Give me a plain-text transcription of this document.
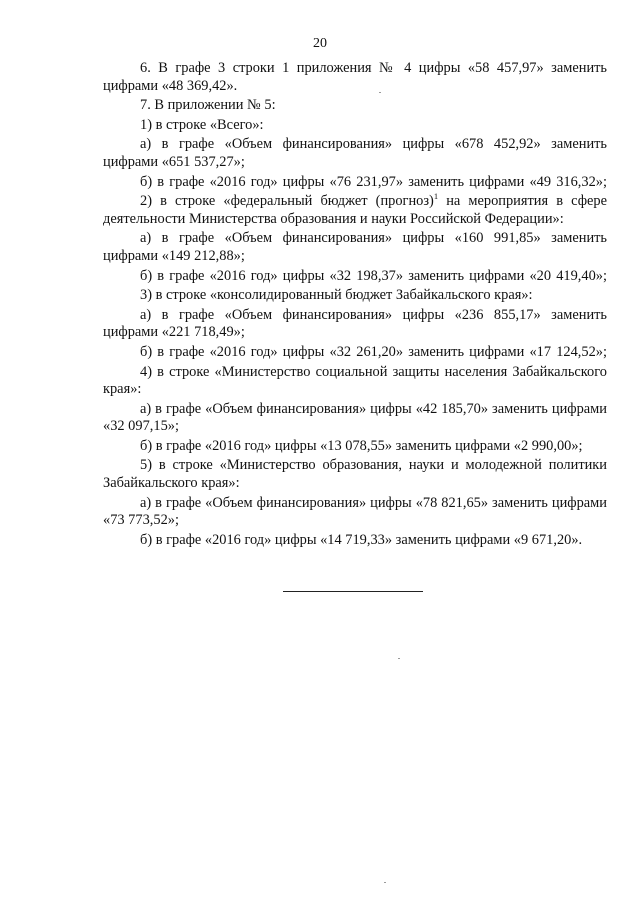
20

6. В графе 3 строки 1 приложения № 4 цифры «58 457,97» заменить цифрами «48 369,42».

7. В приложении № 5:

1) в строке «Всего»:

а) в графе «Объем финансирования» цифры «678 452,92» заменить цифрами «651 537,27»;

б) в графе «2016 год» цифры «76 231,97» заменить цифрами «49 316,32»;

2) в строке «федеральный бюджет (прогноз)$^1$ на мероприятия в сфере деятельности Министерства образования и науки Российской Федерации»:

а) в графе «Объем финансирования» цифры «160 991,85» заменить цифрами «149 212,88»;

б) в графе «2016 год» цифры «32 198,37» заменить цифрами «20 419,40»;

3) в строке «консолидированный бюджет Забайкальского края»:

а) в графе «Объем финансирования» цифры «236 855,17» заменить цифрами «221 718,49»;

б) в графе «2016 год» цифры «32 261,20» заменить цифрами «17 124,52»;

4) в строке «Министерство социальной защиты населения Забайкальского края»:

а) в графе «Объем финансирования» цифры «42 185,70» заменить цифрами «32 097,15»;

б) в графе «2016 год» цифры «13 078,55» заменить цифрами «2 990,00»;

5) в строке «Министерство образования, науки и молодежной политики Забайкальского края»:

а) в графе «Объем финансирования» цифры «78 821,65» заменить цифрами «73 773,52»;

б) в графе «2016 год» цифры «14 719,33» заменить цифрами «9 671,20».
